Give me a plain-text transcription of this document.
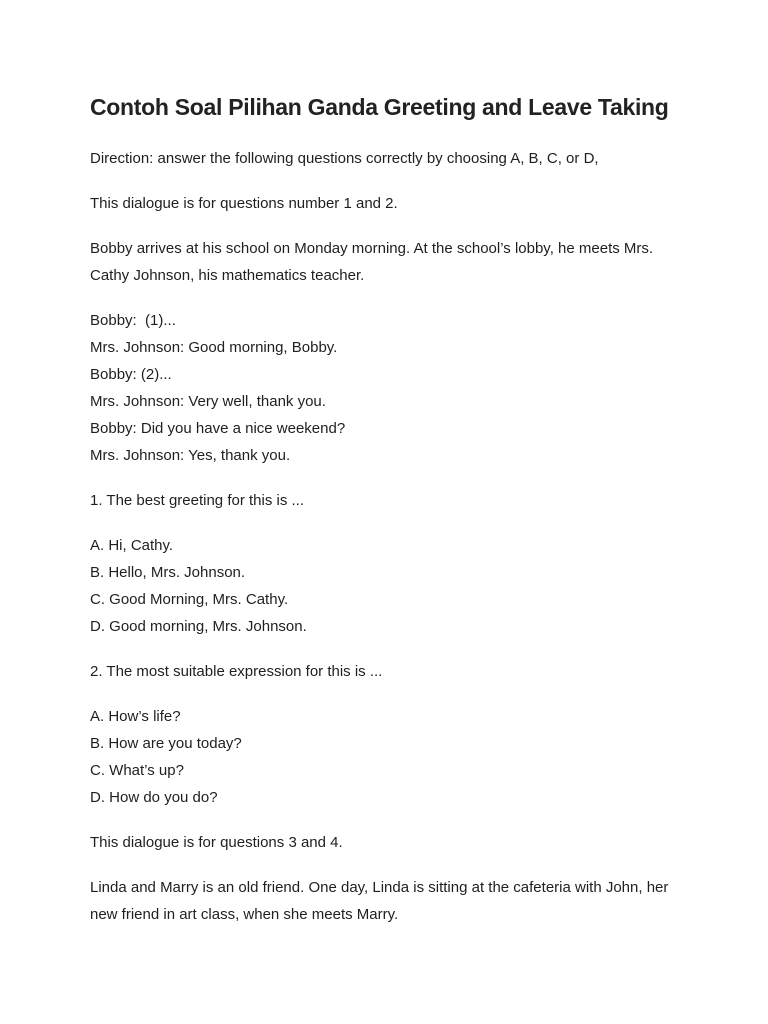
Contoh Soal Pilihan Ganda Greeting and Leave Taking

Direction: answer the following questions correctly by choosing A, B, C, or D,

This dialogue is for questions number 1 and 2.

Bobby arrives at his school on Monday morning. At the school’s lobby, he meets Mrs. Cathy Johnson, his mathematics teacher.

Bobby:  (1)...
Mrs. Johnson: Good morning, Bobby.
Bobby: (2)...
Mrs. Johnson: Very well, thank you.
Bobby: Did you have a nice weekend?
Mrs. Johnson: Yes, thank you.

1. The best greeting for this is ...

A. Hi, Cathy.
B. Hello, Mrs. Johnson.
C. Good Morning, Mrs. Cathy.
D. Good morning, Mrs. Johnson.

2. The most suitable expression for this is ...

A. How’s life?
B. How are you today?
C. What’s up?
D. How do you do?

This dialogue is for questions 3 and 4.

Linda and Marry is an old friend. One day, Linda is sitting at the cafeteria with John, her new friend in art class, when she meets Marry.
